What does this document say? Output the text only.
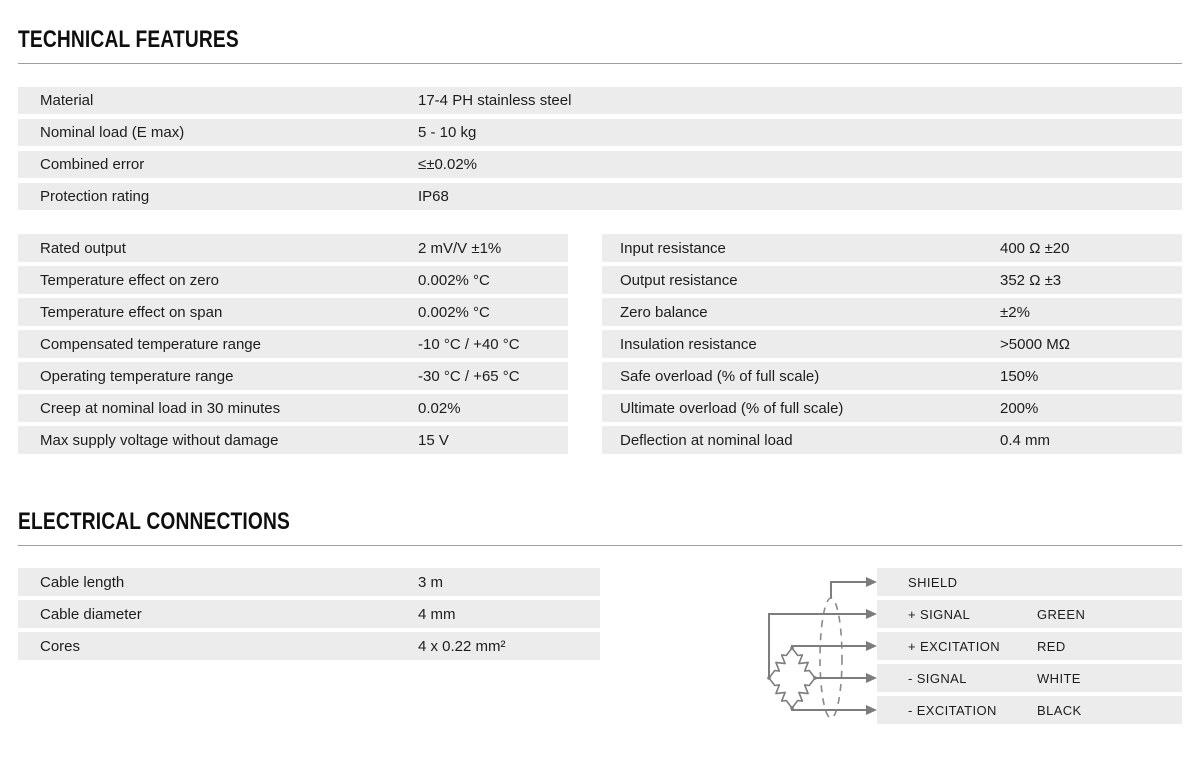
TECHNICAL FEATURES
Material	17-4 PH stainless steel
Nominal load (E max)	5 - 10 kg
Combined error	≤±0.02%
Protection rating	IP68
Rated output	2 mV/V ±1%
Temperature effect on zero	0.002% °C
Temperature effect on span	0.002% °C
Compensated temperature range	-10 °C / +40 °C
Operating temperature range	-30 °C / +65 °C
Creep at nominal load in 30 minutes	0.02%
Max supply voltage without damage	15 V
Input resistance	400 Ω ±20
Output resistance	352 Ω ±3
Zero balance	±2%
Insulation resistance	>5000 MΩ
Safe overload (% of full scale)	150%
Ultimate overload (% of full scale)	200%
Deflection at nominal load	0.4 mm
ELECTRICAL CONNECTIONS
Cable length	3 m
Cable diameter	4 mm
Cores	4 x 0.22 mm²
SHIELD
+ SIGNAL	GREEN
+ EXCITATION	RED
- SIGNAL	WHITE
- EXCITATION	BLACK
